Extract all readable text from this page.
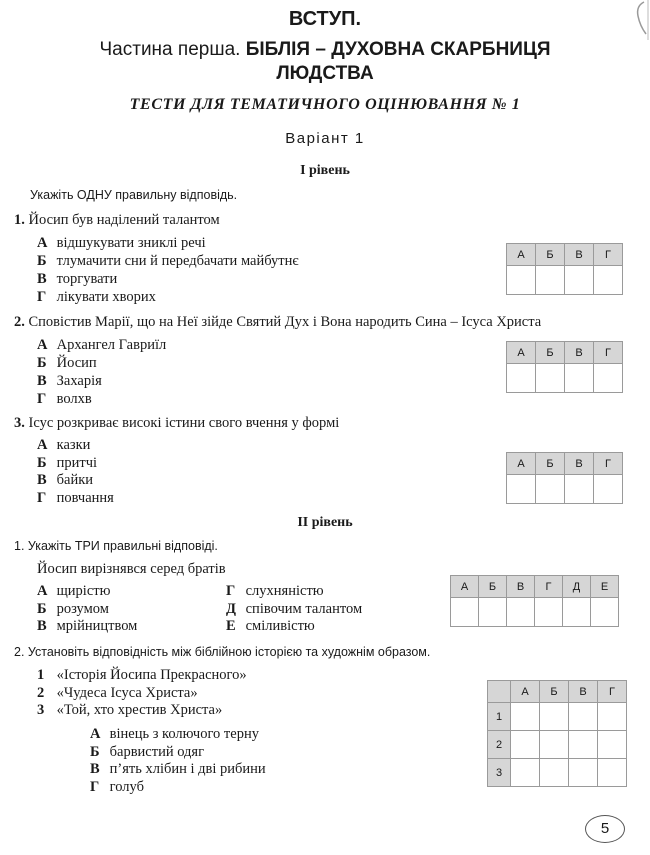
ВСТУП.
Частина перша. БІБЛІЯ – ДУХОВНА СКАРБНИЦЯ ЛЮДСТВА
ТЕСТИ ДЛЯ ТЕМАТИЧНОГО ОЦІНЮВАННЯ № 1
Варіант 1
І рівень
Укажіть ОДНУ правильну відповідь.
1. Йосип був наділений талантом
А відшукувати зниклі речі
Б тлумачити сни й передбачати майбутнє
В торгувати
Г лікувати хворих
А	Б	В	Г

2. Сповістив Марії, що на Неї зійде Святий Дух і Вона народить Сина – Ісуса Христа
А Архангел Гавриїл
Б Йосип
В Захарія
Г волхв
А	Б	В	Г

3. Ісус розкриває високі істини свого вчення у формі
А казки
Б притчі
В байки
Г повчання
А	Б	В	Г

ІІ рівень
1. Укажіть ТРИ правильні відповіді.
Йосип вирізнявся серед братів
А щирістю
Б розумом
В мрійництвом
Г слухняністю
Д співочим талантом
Е сміливістю
А	Б	В	Г	Д	Е

2. Установіть відповідність між біблійною історією та художнім образом.
1 «Історія Йосипа Прекрасного»
2 «Чудеса Ісуса Христа»
3 «Той, хто хрестив Христа»
А вінець з колючого терну
Б барвистий одяг
В п’ять хлібин і дві рибини
Г голуб
	А	Б	В	Г
1				
2				
3				
5
